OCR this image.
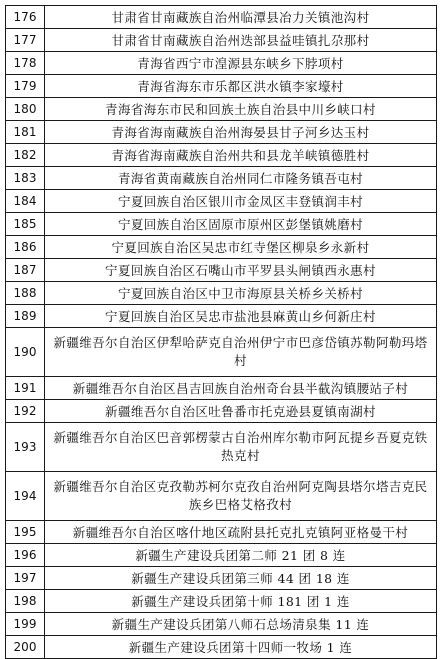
176	甘肃省甘南藏族自治州临潭县冶力关镇池沟村
177	甘肃省甘南藏族自治州迭部县益哇镇扎尕那村
178	青海省西宁市湟源县东峡乡下脖项村
179	青海省海东市乐都区洪水镇李家壕村
180	青海省海东市民和回族土族自治县中川乡峡口村
181	青海省海南藏族自治州海晏县甘子河乡达玉村
182	青海省海南藏族自治州共和县龙羊峡镇德胜村
183	青海省黄南藏族自治州同仁市隆务镇吾屯村
184	宁夏回族自治区银川市金凤区丰登镇润丰村
185	宁夏回族自治区固原市原州区彭堡镇姚磨村
186	宁夏回族自治区吴忠市红寺堡区柳泉乡永新村
187	宁夏回族自治区石嘴山市平罗县头闸镇西永惠村
188	宁夏回族自治区中卫市海原县关桥乡关桥村
189	宁夏回族自治区吴忠市盐池县麻黄山乡何新庄村
190	新疆维吾尔自治区伊犁哈萨克自治州伊宁市巴彦岱镇苏勒阿勒玛塔村
191	新疆维吾尔自治区昌吉回族自治州奇台县半截沟镇腰站子村
192	新疆维吾尔自治区吐鲁番市托克逊县夏镇南湖村
193	新疆维吾尔自治区巴音郭楞蒙古自治州库尔勒市阿瓦提乡吾夏克铁热克村
194	新疆维吾尔自治区克孜勒苏柯尔克孜自治州阿克陶县塔尔塔吉克民族乡巴格艾格孜村
195	新疆维吾尔自治区喀什地区疏附县托克扎克镇阿亚格曼干村
196	新疆生产建设兵团第二师 21 团 8 连
197	新疆生产建设兵团第三师 44 团 18 连
198	新疆生产建设兵团第十师 181 团 1 连
199	新疆生产建设兵团第八师石总场清泉集 11 连
200	新疆生产建设兵团第十四师一牧场 1 连
